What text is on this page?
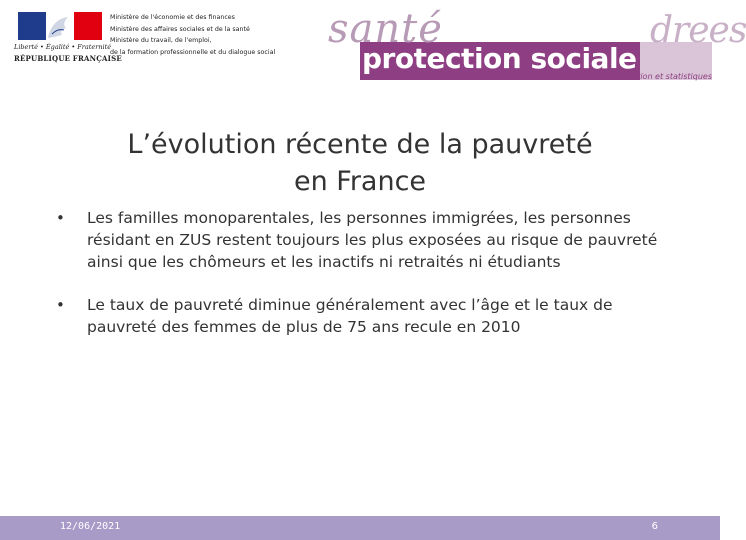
Liberté • Égalité • Fraternité
RÉPUBLIQUE FRANÇAISE
Ministère de l'économie et des finances
Ministère des affaires sociales et de la santé
Ministère du travail, de l'emploi,
de la formation professionnelle et du dialogue social santé	drees
protection sociale
recherche, études, évaluation et statistiques
L’évolution récente de la pauvreté
en France
• Les familles monoparentales, les personnes immigrées, les personnes résidant en ZUS restent toujours les plus exposées au risque de pauvreté ainsi que les chômeurs et les inactifs ni retraités ni étudiants
• Le taux de pauvreté diminue généralement avec l’âge et le taux de pauvreté des femmes de plus de 75 ans recule en 2010
12/06/2021	6
